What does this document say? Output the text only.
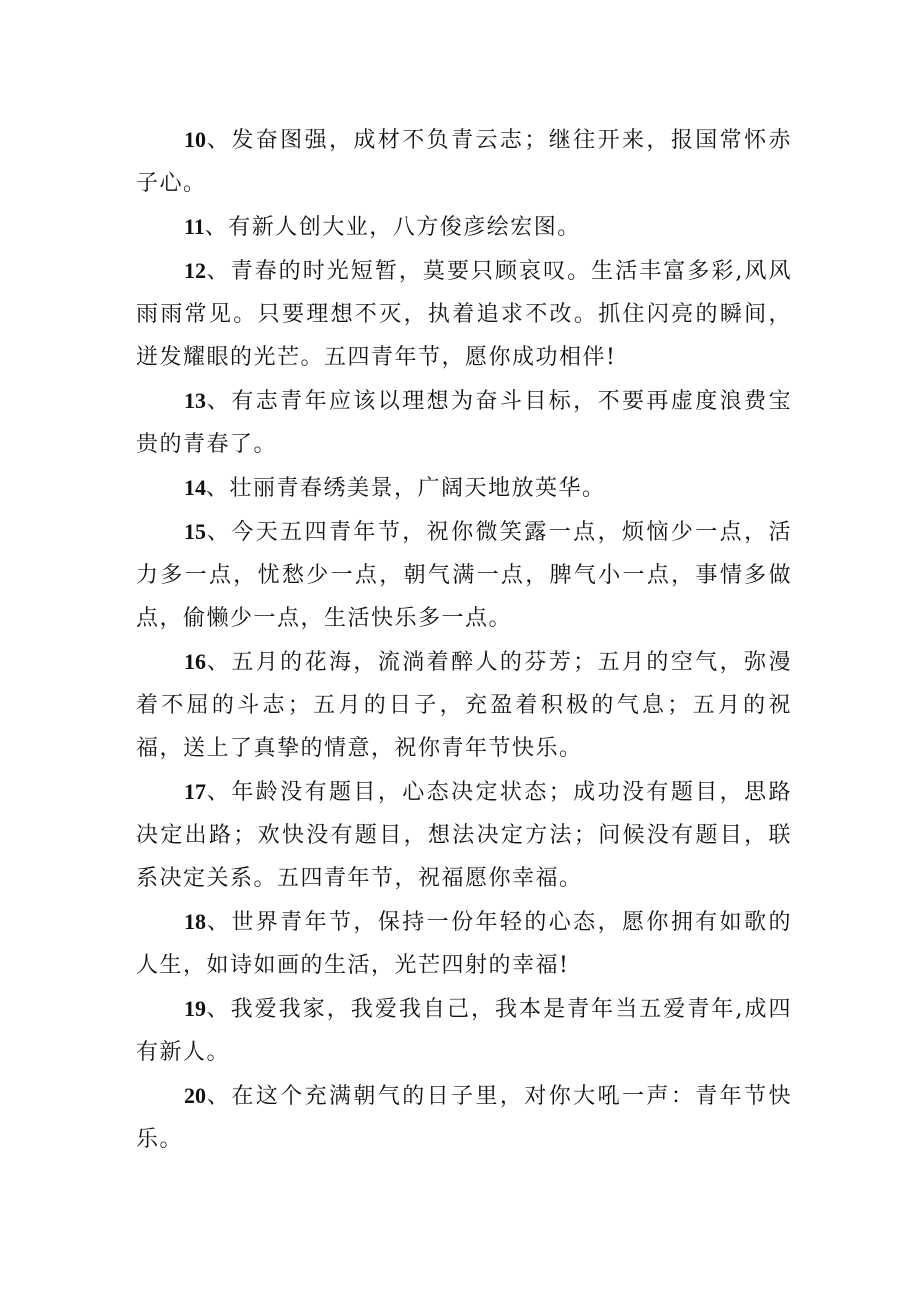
10、发奋图强，成材不负青云志；继往开来，报国常怀赤子心。

11、有新人创大业，八方俊彦绘宏图。

12、青春的时光短暂，莫要只顾哀叹。生活丰富多彩,风风雨雨常见。只要理想不灭，执着追求不改。抓住闪亮的瞬间，迸发耀眼的光芒。五四青年节，愿你成功相伴!

13、有志青年应该以理想为奋斗目标，不要再虚度浪费宝贵的青春了。

14、壮丽青春绣美景，广阔天地放英华。

15、今天五四青年节，祝你微笑露一点，烦恼少一点，活力多一点，忧愁少一点，朝气满一点，脾气小一点，事情多做点，偷懒少一点，生活快乐多一点。

16、五月的花海，流淌着醉人的芬芳；五月的空气，弥漫着不屈的斗志；五月的日子，充盈着积极的气息；五月的祝福，送上了真挚的情意，祝你青年节快乐。

17、年龄没有题目，心态决定状态；成功没有题目，思路决定出路；欢快没有题目，想法决定方法；问候没有题目，联系决定关系。五四青年节，祝福愿你幸福。

18、世界青年节，保持一份年轻的心态，愿你拥有如歌的人生，如诗如画的生活，光芒四射的幸福!

19、我爱我家，我爱我自己，我本是青年当五爱青年,成四有新人。

20、在这个充满朝气的日子里，对你大吼一声：青年节快乐。
